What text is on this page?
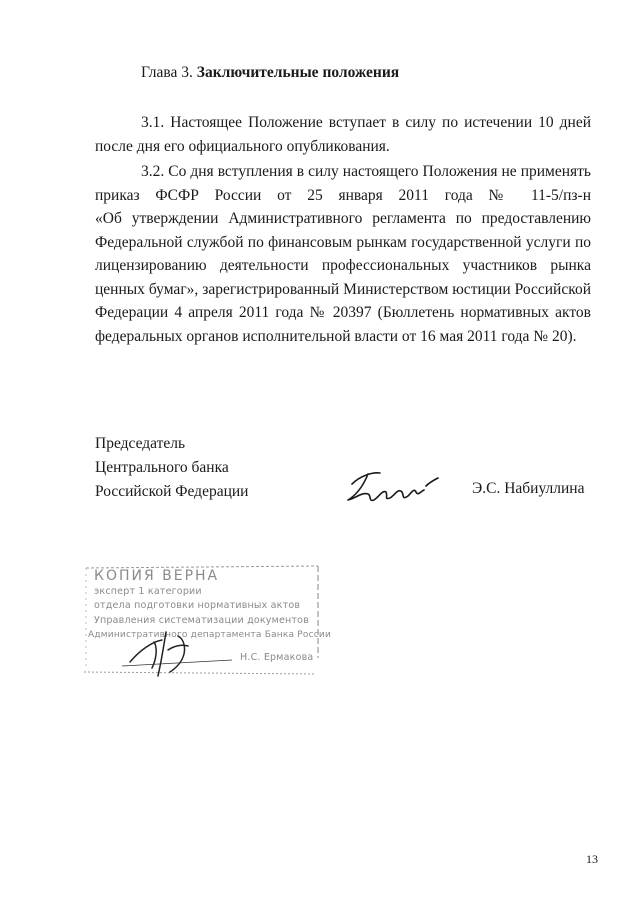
Глава 3. Заключительные положения
3.1. Настоящее Положение вступает в силу по истечении 10 дней
после дня его официального опубликования.
3.2. Со дня вступления в силу настоящего Положения не применять
приказ ФСФР России от 25 января 2011 года № 11-5/пз-н
«Об утверждении Административного регламента по предоставлению
Федеральной службой по финансовым рынкам государственной услуги по
лицензированию деятельности профессиональных участников рынка
ценных бумаг», зарегистрированный Министерством юстиции Российской
Федерации 4 апреля 2011 года № 20397 (Бюллетень нормативных актов
федеральных органов исполнительной власти от 16 мая 2011 года № 20).
Председатель
Центрального банка
Российской Федерации	Э.С. Набиуллина
КОПИЯ ВЕРНА
эксперт 1 категории
отдела подготовки нормативных актов
Управления систематизации документов
Административного департамента Банка России
Н.С. Ермакова
13
